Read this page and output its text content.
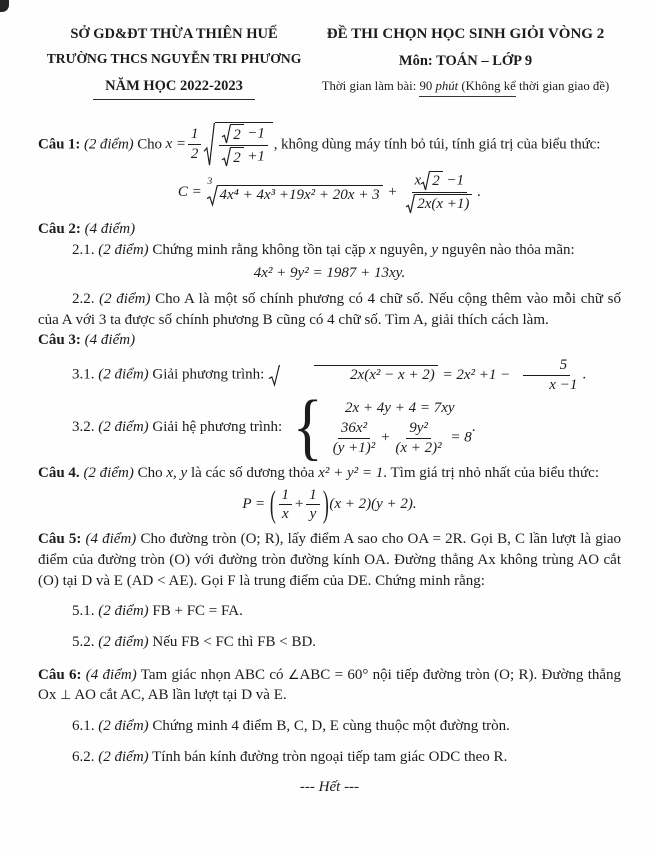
SỞ GD&ĐT THỪA THIÊN HUẾ
TRƯỜNG THCS NGUYỄN TRI PHƯƠNG
NĂM HỌC 2022-2023
ĐỀ THI CHỌN HỌC SINH GIỎI VÒNG 2
Môn: TOÁN – LỚP 9
Thời gian làm bài: 90 phút (Không kể thời gian giao đề)

Câu 1: (2 điểm) Cho $x = \frac{1}{2} \frac{2 -1}{2 +1}$ , không dùng máy tính bỏ túi, tính giá trị của biểu thức:

C =
3
$4x^4 + 4x^3 +19x^2 + 20x + 3 + \frac{x 2 -1}{2x(x +1)}$ .

Câu 2: (4 điểm)

2.1. (2 điểm) Chứng minh rằng không tồn tại cặp x nguyên, y nguyên nào thỏa mãn:

4x² + 9y² = 1987 + 13xy.

2.2. (2 điểm) Cho A là một số chính phương có 4 chữ số. Nếu cộng thêm vào mỗi chữ số của A với 3 ta được số chính phương B cũng có 4 chữ số. Tìm A, giải thích cách làm.

Câu 3: (4 điểm)

3.1. (2 điểm) Giải phương trình:	$2x(x^2 - x + 2) = 2x^2 +1 - \frac{5}{x -1}$ .

3.2. (2 điểm) Giải hệ phương trình: { 2x + 4y + 4 = 7xy
$\frac{\text{36x²}}{\text{(y +1)²}} + \frac{\text{9y²}}{\text{(x + 2)²}} = 8$
.

Câu 4. (2 điểm) Cho x, y là các số dương thỏa x² + y² = 1. Tìm giá trị nhỏ nhất của biểu thức:

P = ( $\frac{1}{x} + \frac{1}{y} )(x + 2)(y + 2)$.

Câu 5: (4 điểm) Cho đường tròn (O; R), lấy điểm A sao cho OA = 2R. Gọi B, C lần lượt là giao điểm của đường tròn (O) với đường tròn đường kính OA. Đường thẳng Ax không trùng AO cắt (O) tại D và E (AD < AE). Gọi F là trung điểm của DE. Chứng minh rằng:

5.1. (2 điểm) FB + FC = FA.

5.2. (2 điểm) Nếu FB < FC thì FB < BD.

Câu 6: (4 điểm) Tam giác nhọn ABC có ∠ABC = 60° nội tiếp đường tròn (O; R). Đường thẳng Ox ⊥ AO cắt AC, AB lần lượt tại D và E.

6.1. (2 điểm) Chứng minh 4 điểm B, C, D, E cùng thuộc một đường tròn.

6.2. (2 điểm) Tính bán kính đường tròn ngoại tiếp tam giác ODC theo R.

--- Hết ---
